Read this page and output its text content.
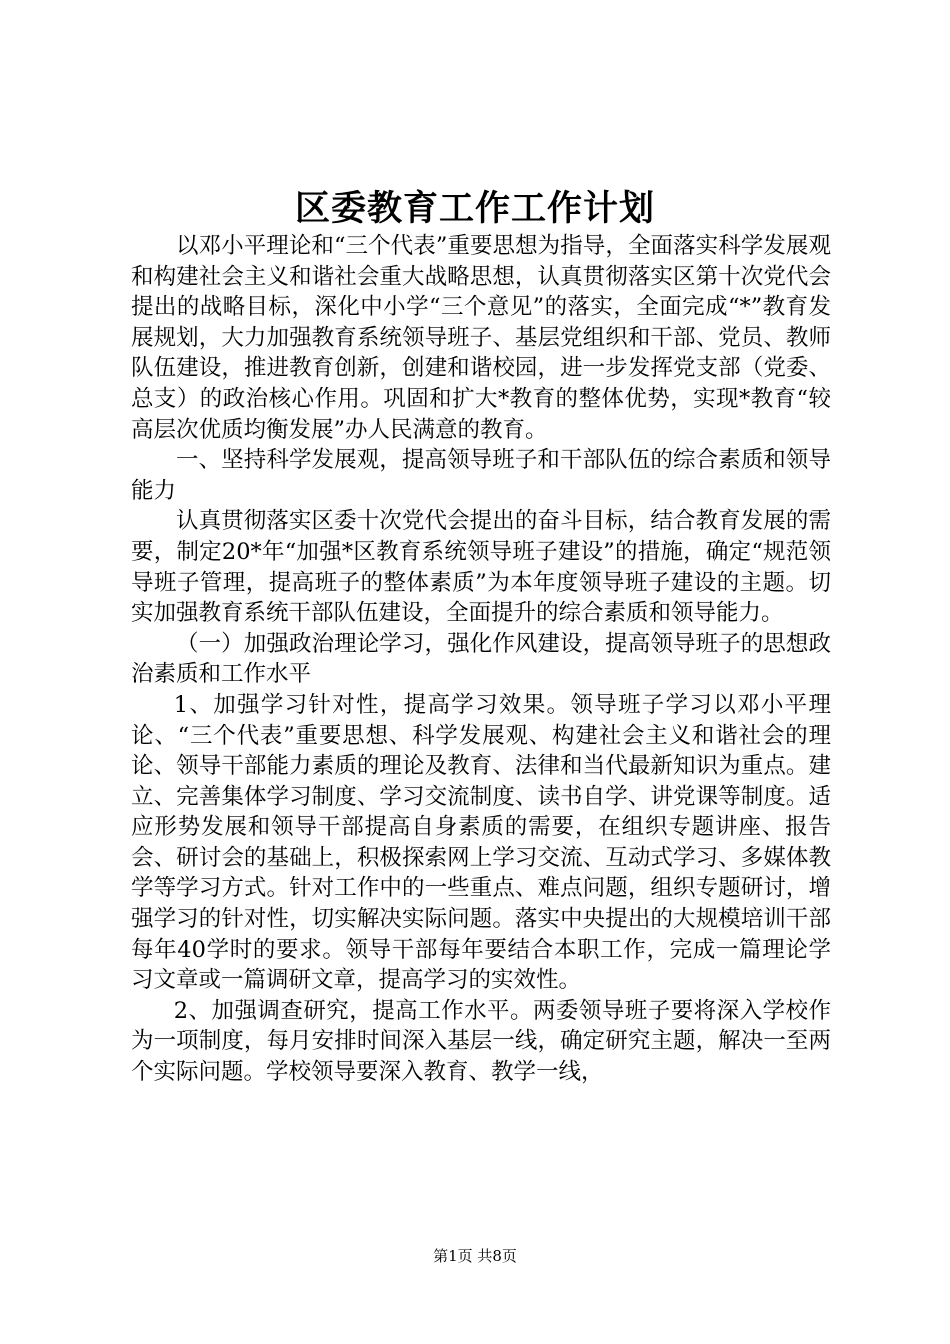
区委教育工作工作计划

以邓小平理论和“三个代表”重要思想为指导，全面落实科学发展观和构建社会主义和谐社会重大战略思想，认真贯彻落实区第十次党代会提出的战略目标，深化中小学“三个意见”的落实，全面完成“*”教育发展规划，大力加强教育系统领导班子、基层党组织和干部、党员、教师队伍建设，推进教育创新，创建和谐校园，进一步发挥党支部（党委、总支）的政治核心作用。巩固和扩大*教育的整体优势，实现*教育“较高层次优质均衡发展”办人民满意的教育。

一、坚持科学发展观，提高领导班子和干部队伍的综合素质和领导能力

认真贯彻落实区委十次党代会提出的奋斗目标，结合教育发展的需要，制定20*年“加强*区教育系统领导班子建设”的措施，确定“规范领导班子管理，提高班子的整体素质”为本年度领导班子建设的主题。切实加强教育系统干部队伍建设，全面提升的综合素质和领导能力。

（一）加强政治理论学习，强化作风建设，提高领导班子的思想政治素质和工作水平

1、加强学习针对性，提高学习效果。领导班子学习以邓小平理论、“三个代表”重要思想、科学发展观、构建社会主义和谐社会的理论、领导干部能力素质的理论及教育、法律和当代最新知识为重点。建立、完善集体学习制度、学习交流制度、读书自学、讲党课等制度。适应形势发展和领导干部提高自身素质的需要，在组织专题讲座、报告会、研讨会的基础上，积极探索网上学习交流、互动式学习、多媒体教学等学习方式。针对工作中的一些重点、难点问题，组织专题研讨，增强学习的针对性，切实解决实际问题。落实中央提出的大规模培训干部每年40学时的要求。领导干部每年要结合本职工作，完成一篇理论学习文章或一篇调研文章，提高学习的实效性。

2、加强调查研究，提高工作水平。两委领导班子要将深入学校作为一项制度，每月安排时间深入基层一线，确定研究主题，解决一至两个实际问题。学校领导要深入教育、教学一线，

第1页 共8页
